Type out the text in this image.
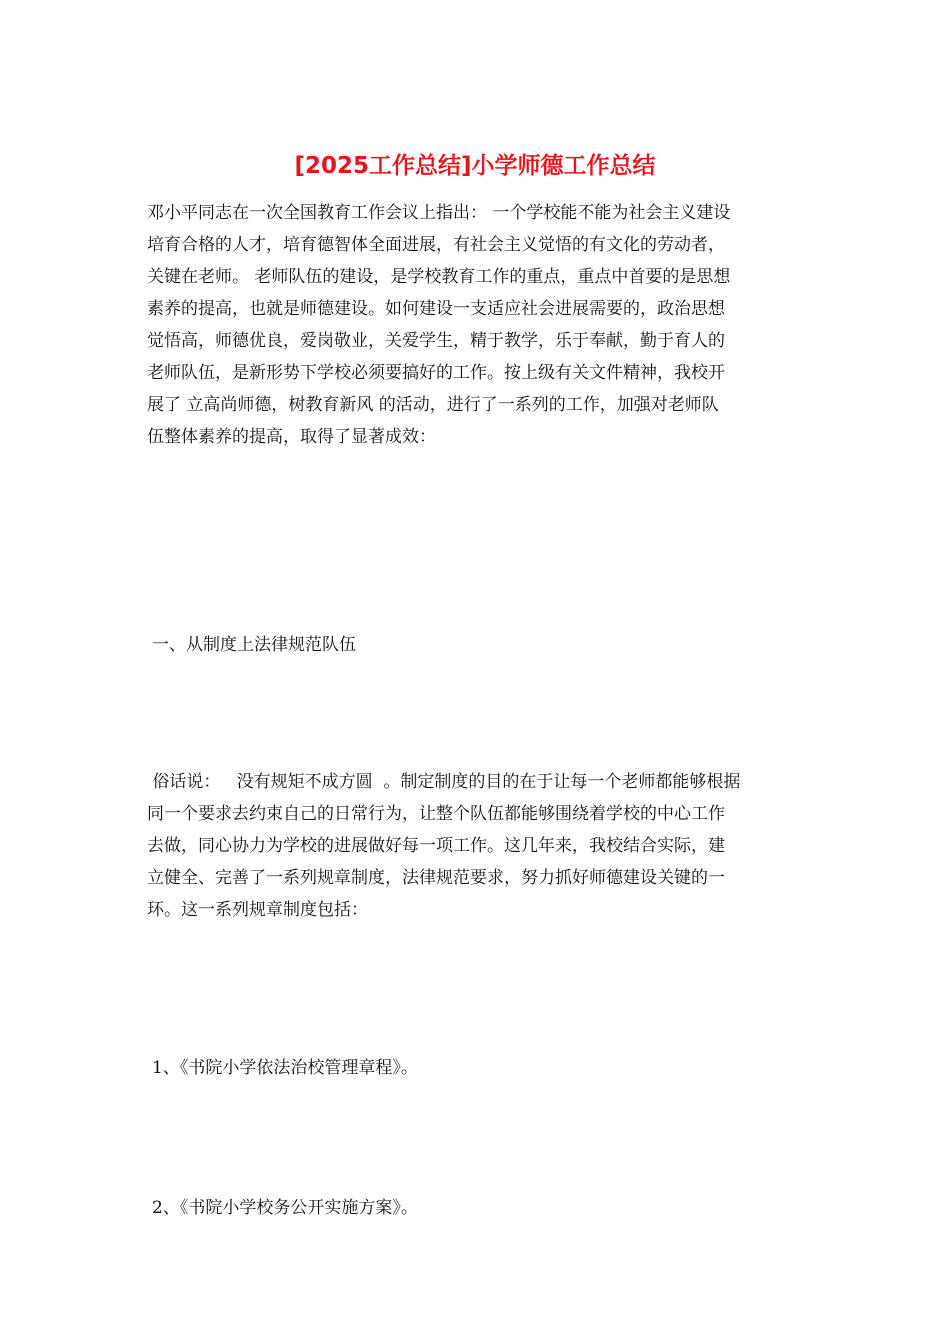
[2025工作总结]小学师德工作总结
邓小平同志在一次全国教育工作会议上指出： 一个学校能不能为社会主义建设
培育合格的人才，培育德智体全面进展，有社会主义觉悟的有文化的劳动者，
关键在老师。 老师队伍的建设，是学校教育工作的重点，重点中首要的是思想
素养的提高，也就是师德建设。如何建设一支适应社会进展需要的，政治思想
觉悟高，师德优良，爱岗敬业，关爱学生，精于教学，乐于奉献，勤于育人的
老师队伍，是新形势下学校必须要搞好的工作。按上级有关文件精神，我校开
展了 立高尚师德，树教育新风 的活动，进行了一系列的工作，加强对老师队
伍整体素养的提高，取得了显著成效：
一、从制度上法律规范队伍
俗话说：   没有规矩不成方圆  。制定制度的目的在于让每一个老师都能够根据
同一个要求去约束自己的日常行为，让整个队伍都能够围绕着学校的中心工作
去做，同心协力为学校的进展做好每一项工作。这几年来，我校结合实际，建
立健全、完善了一系列规章制度，法律规范要求，努力抓好师德建设关键的一
环。这一系列规章制度包括：
1、《书院小学依法治校管理章程》。
2、《书院小学校务公开实施方案》。
